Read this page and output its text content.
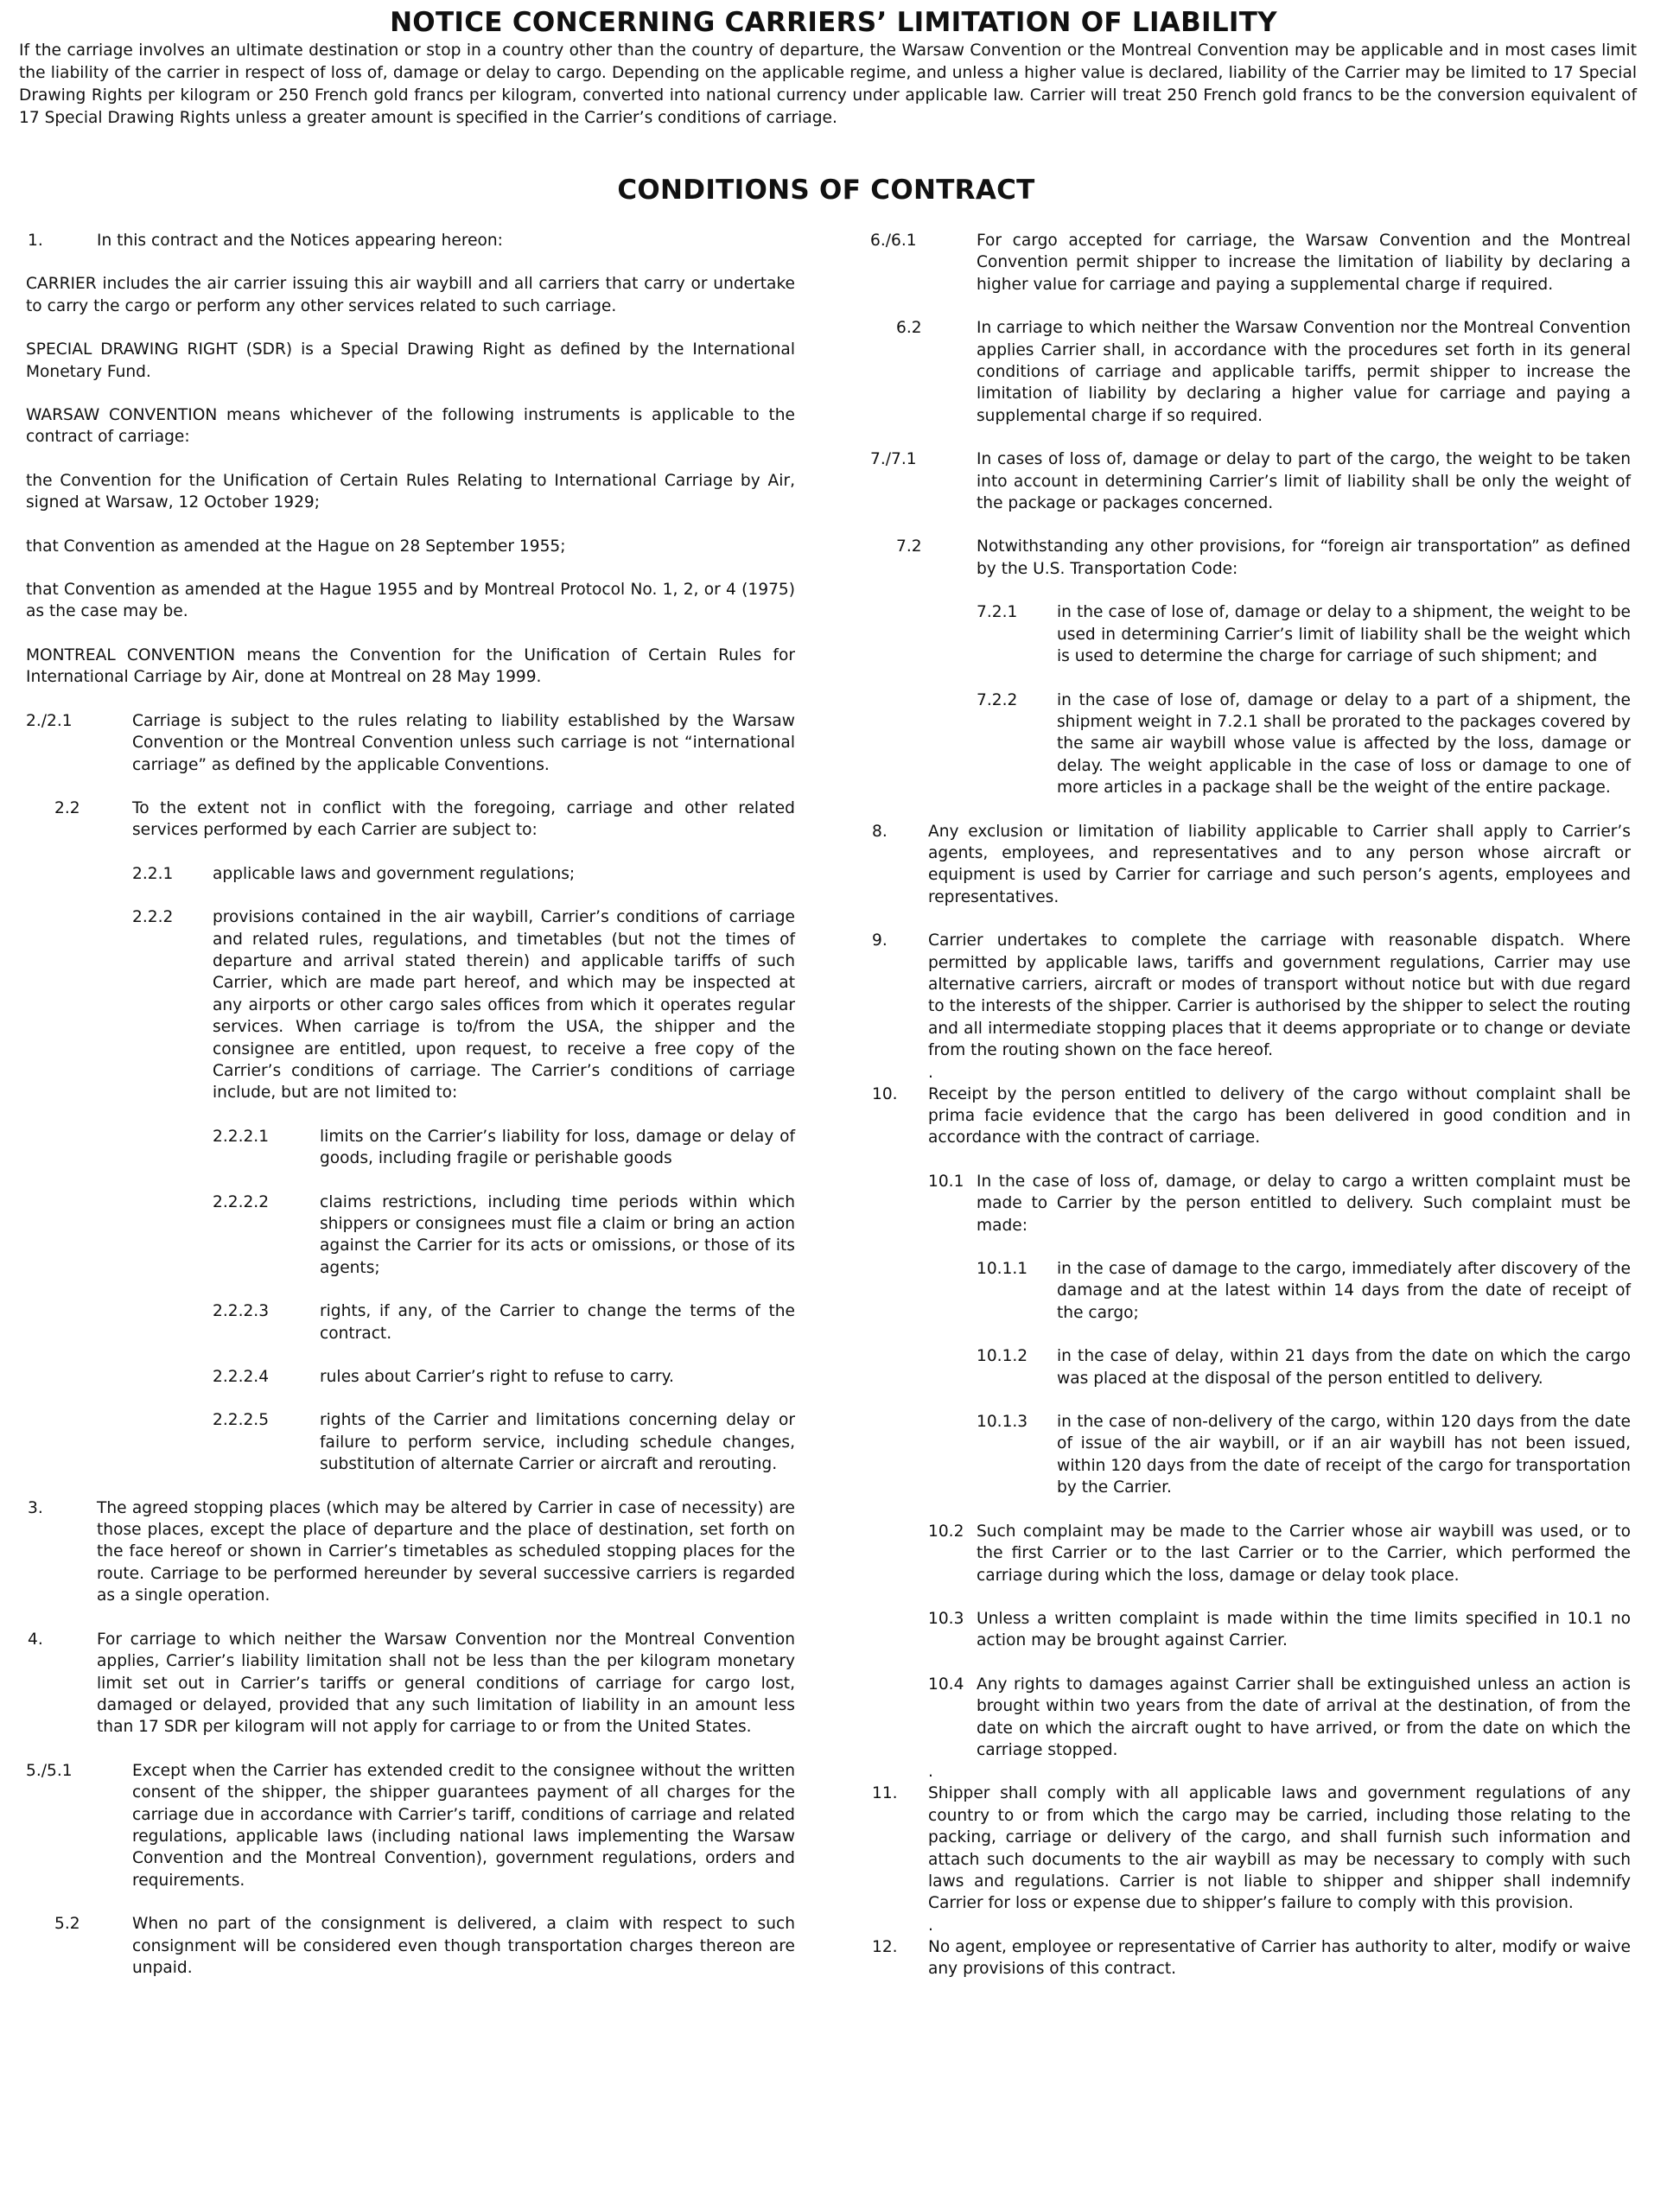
NOTICE CONCERNING CARRIERS’ LIMITATION OF LIABILITY
If the carriage involves an ultimate destination or stop in a country other than the country of departure, the Warsaw Convention or the Montreal Convention may be applicable and in most cases limit the liability of the carrier in respect of loss of, damage or delay to cargo. Depending on the applicable regime, and unless a higher value is declared, liability of the Carrier may be limited to 17 Special Drawing Rights per kilogram or 250 French gold francs per kilogram, converted into national currency under applicable law. Carrier will treat 250 French gold francs to be the conversion equivalent of 17 Special Drawing Rights unless a greater amount is specified in the Carrier’s conditions of carriage.
CONDITIONS OF CONTRACT
1.	In this contract and the Notices appearing hereon:
CARRIER includes the air carrier issuing this air waybill and all carriers that carry or undertake to carry the cargo or perform any other services related to such carriage.
SPECIAL DRAWING RIGHT (SDR) is a Special Drawing Right as defined by the International Monetary Fund.
WARSAW CONVENTION means whichever of the following instruments is applicable to the contract of carriage:
the Convention for the Unification of Certain Rules Relating to International Carriage by Air, signed at Warsaw, 12 October 1929;
that Convention as amended at the Hague on 28 September 1955;
that Convention as amended at the Hague 1955 and by Montreal Protocol No. 1, 2, or 4 (1975) as the case may be.
MONTREAL CONVENTION means the Convention for the Unification of Certain Rules for International Carriage by Air, done at Montreal on 28 May 1999.
2./2.1	Carriage is subject to the rules relating to liability established by the Warsaw Convention or the Montreal Convention unless such carriage is not “international carriage” as defined by the applicable Conventions.
2.2	To the extent not in conflict with the foregoing, carriage and other related services performed by each Carrier are subject to:
2.2.1 applicable laws and government regulations;
2.2.2 provisions contained in the air waybill, Carrier’s conditions of carriage and related rules, regulations, and timetables (but not the times of departure and arrival stated therein) and applicable tariffs of such Carrier, which are made part hereof, and which may be inspected at any airports or other cargo sales offices from which it operates regular services. When carriage is to/from the USA, the shipper and the consignee are entitled, upon request, to receive a free copy of the Carrier’s conditions of carriage. The Carrier’s conditions of carriage include, but are not limited to:
2.2.2.1	limits on the Carrier’s liability for loss, damage or delay of goods, including fragile or perishable goods
2.2.2.2	claims restrictions, including time periods within which shippers or consignees must file a claim or bring an action against the Carrier for its acts or omissions, or those of its agents;
2.2.2.3	rights, if any, of the Carrier to change the terms of the contract.
2.2.2.4	rules about Carrier’s right to refuse to carry.
2.2.2.5	rights of the Carrier and limitations concerning delay or failure to perform service, including schedule changes, substitution of alternate Carrier or aircraft and rerouting.
3.	The agreed stopping places (which may be altered by Carrier in case of necessity) are those places, except the place of departure and the place of destination, set forth on the face hereof or shown in Carrier’s timetables as scheduled stopping places for the route. Carriage to be performed hereunder by several successive carriers is regarded as a single operation.
4.	For carriage to which neither the Warsaw Convention nor the Montreal Convention applies, Carrier’s liability limitation shall not be less than the per kilogram monetary limit set out in Carrier’s tariffs or general conditions of carriage for cargo lost, damaged or delayed, provided that any such limitation of liability in an amount less than 17 SDR per kilogram will not apply for carriage to or from the United States.
5./5.1	Except when the Carrier has extended credit to the consignee without the written consent of the shipper, the shipper guarantees payment of all charges for the carriage due in accordance with Carrier’s tariff, conditions of carriage and related regulations, applicable laws (including national laws implementing the Warsaw Convention and the Montreal Convention), government regulations, orders and requirements.
5.2	When no part of the consignment is delivered, a claim with respect to such consignment will be considered even though transportation charges thereon are unpaid.
6./6.1	For cargo accepted for carriage, the Warsaw Convention and the Montreal Convention permit shipper to increase the limitation of liability by declaring a higher value for carriage and paying a supplemental charge if required.
6.2	In carriage to which neither the Warsaw Convention nor the Montreal Convention applies Carrier shall, in accordance with the procedures set forth in its general conditions of carriage and applicable tariffs, permit shipper to increase the limitation of liability by declaring a higher value for carriage and paying a supplemental charge if so required.
7./7.1	In cases of loss of, damage or delay to part of the cargo, the weight to be taken into account in determining Carrier’s limit of liability shall be only the weight of the package or packages concerned.
7.2	Notwithstanding any other provisions, for “foreign air transportation” as defined by the U.S. Transportation Code:
7.2.1 in the case of lose of, damage or delay to a shipment, the weight to be used in determining Carrier’s limit of liability shall be the weight which is used to determine the charge for carriage of such shipment; and
7.2.2 in the case of lose of, damage or delay to a part of a shipment, the shipment weight in 7.2.1 shall be prorated to the packages covered by the same air waybill whose value is affected by the loss, damage or delay. The weight applicable in the case of loss or damage to one of more articles in a package shall be the weight of the entire package.
8.	Any exclusion or limitation of liability applicable to Carrier shall apply to Carrier’s agents, employees, and representatives and to any person whose aircraft or equipment is used by Carrier for carriage and such person’s agents, employees and representatives.
9.	Carrier undertakes to complete the carriage with reasonable dispatch. Where permitted by applicable laws, tariffs and government regulations, Carrier may use alternative carriers, aircraft or modes of transport without notice but with due regard to the interests of the shipper. Carrier is authorised by the shipper to select the routing and all intermediate stopping places that it deems appropriate or to change or deviate from the routing shown on the face hereof.
.
10. Receipt by the person entitled to delivery of the cargo without complaint shall be prima facie evidence that the cargo has been delivered in good condition and in accordance with the contract of carriage.
10.1 In the case of loss of, damage, or delay to cargo a written complaint must be made to Carrier by the person entitled to delivery. Such complaint must be made:
10.1.1 in the case of damage to the cargo, immediately after discovery of the damage and at the latest within 14 days from the date of receipt of the cargo;
10.1.2 in the case of delay, within 21 days from the date on which the cargo was placed at the disposal of the person entitled to delivery.
10.1.3 in the case of non-delivery of the cargo, within 120 days from the date of issue of the air waybill, or if an air waybill has not been issued, within 120 days from the date of receipt of the cargo for transportation by the Carrier.
10.2 Such complaint may be made to the Carrier whose air waybill was used, or to the first Carrier or to the last Carrier or to the Carrier, which performed the carriage during which the loss, damage or delay took place.
10.3 Unless a written complaint is made within the time limits specified in 10.1 no action may be brought against Carrier.
10.4 Any rights to damages against Carrier shall be extinguished unless an action is brought within two years from the date of arrival at the destination, of from the date on which the aircraft ought to have arrived, or from the date on which the carriage stopped.
.
11. Shipper shall comply with all applicable laws and government regulations of any country to or from which the cargo may be carried, including those relating to the packing, carriage or delivery of the cargo, and shall furnish such information and attach such documents to the air waybill as may be necessary to comply with such laws and regulations. Carrier is not liable to shipper and shipper shall indemnify Carrier for loss or expense due to shipper’s failure to comply with this provision.
.
12. No agent, employee or representative of Carrier has authority to alter, modify or waive any provisions of this contract.
